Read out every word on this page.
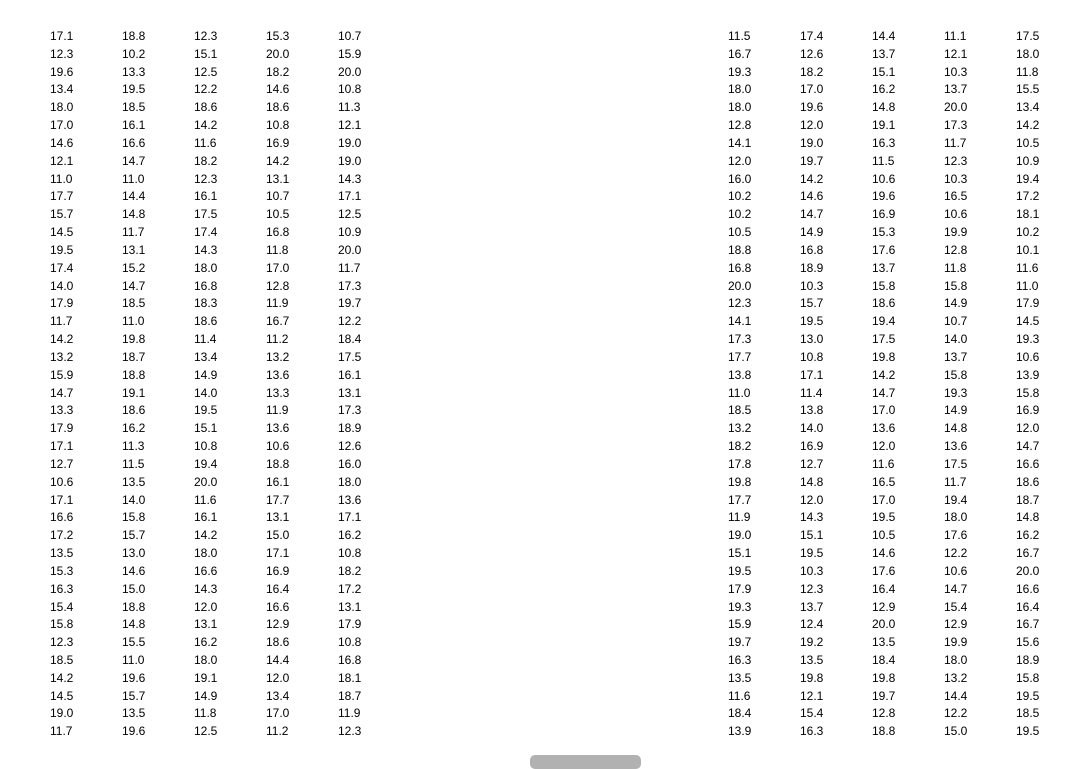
17.1	18.8	12.3	15.3	10.7
12.3	10.2	15.1	20.0	15.9
19.6	13.3	12.5	18.2	20.0
13.4	19.5	12.2	14.6	10.8
18.0	18.5	18.6	18.6	11.3
17.0	16.1	14.2	10.8	12.1
14.6	16.6	11.6	16.9	19.0
12.1	14.7	18.2	14.2	19.0
11.0	11.0	12.3	13.1	14.3
17.7	14.4	16.1	10.7	17.1
15.7	14.8	17.5	10.5	12.5
14.5	11.7	17.4	16.8	10.9
19.5	13.1	14.3	11.8	20.0
17.4	15.2	18.0	17.0	11.7
14.0	14.7	16.8	12.8	17.3
17.9	18.5	18.3	11.9	19.7
11.7	11.0	18.6	16.7	12.2
14.2	19.8	11.4	11.2	18.4
13.2	18.7	13.4	13.2	17.5
15.9	18.8	14.9	13.6	16.1
14.7	19.1	14.0	13.3	13.1
13.3	18.6	19.5	11.9	17.3
17.9	16.2	15.1	13.6	18.9
17.1	11.3	10.8	10.6	12.6
12.7	11.5	19.4	18.8	16.0
10.6	13.5	20.0	16.1	18.0
17.1	14.0	11.6	17.7	13.6
16.6	15.8	16.1	13.1	17.1
17.2	15.7	14.2	15.0	16.2
13.5	13.0	18.0	17.1	10.8
15.3	14.6	16.6	16.9	18.2
16.3	15.0	14.3	16.4	17.2
15.4	18.8	12.0	16.6	13.1
15.8	14.8	13.1	12.9	17.9
12.3	15.5	16.2	18.6	10.8
18.5	11.0	18.0	14.4	16.8
14.2	19.6	19.1	12.0	18.1
14.5	15.7	14.9	13.4	18.7
19.0	13.5	11.8	17.0	11.9
11.7	19.6	12.5	11.2	12.3
11.5	17.4	14.4	11.1	17.5
16.7	12.6	13.7	12.1	18.0
19.3	18.2	15.1	10.3	11.8
18.0	17.0	16.2	13.7	15.5
18.0	19.6	14.8	20.0	13.4
12.8	12.0	19.1	17.3	14.2
14.1	19.0	16.3	11.7	10.5
12.0	19.7	11.5	12.3	10.9
16.0	14.2	10.6	10.3	19.4
10.2	14.6	19.6	16.5	17.2
10.2	14.7	16.9	10.6	18.1
10.5	14.9	15.3	19.9	10.2
18.8	16.8	17.6	12.8	10.1
16.8	18.9	13.7	11.8	11.6
20.0	10.3	15.8	15.8	11.0
12.3	15.7	18.6	14.9	17.9
14.1	19.5	19.4	10.7	14.5
17.3	13.0	17.5	14.0	19.3
17.7	10.8	19.8	13.7	10.6
13.8	17.1	14.2	15.8	13.9
11.0	11.4	14.7	19.3	15.8
18.5	13.8	17.0	14.9	16.9
13.2	14.0	13.6	14.8	12.0
18.2	16.9	12.0	13.6	14.7
17.8	12.7	11.6	17.5	16.6
19.8	14.8	16.5	11.7	18.6
17.7	12.0	17.0	19.4	18.7
11.9	14.3	19.5	18.0	14.8
19.0	15.1	10.5	17.6	16.2
15.1	19.5	14.6	12.2	16.7
19.5	10.3	17.6	10.6	20.0
17.9	12.3	16.4	14.7	16.6
19.3	13.7	12.9	15.4	16.4
15.9	12.4	20.0	12.9	16.7
19.7	19.2	13.5	19.9	15.6
16.3	13.5	18.4	18.0	18.9
13.5	19.8	19.8	13.2	15.8
11.6	12.1	19.7	14.4	19.5
18.4	15.4	12.8	12.2	18.5
13.9	16.3	18.8	15.0	19.5
